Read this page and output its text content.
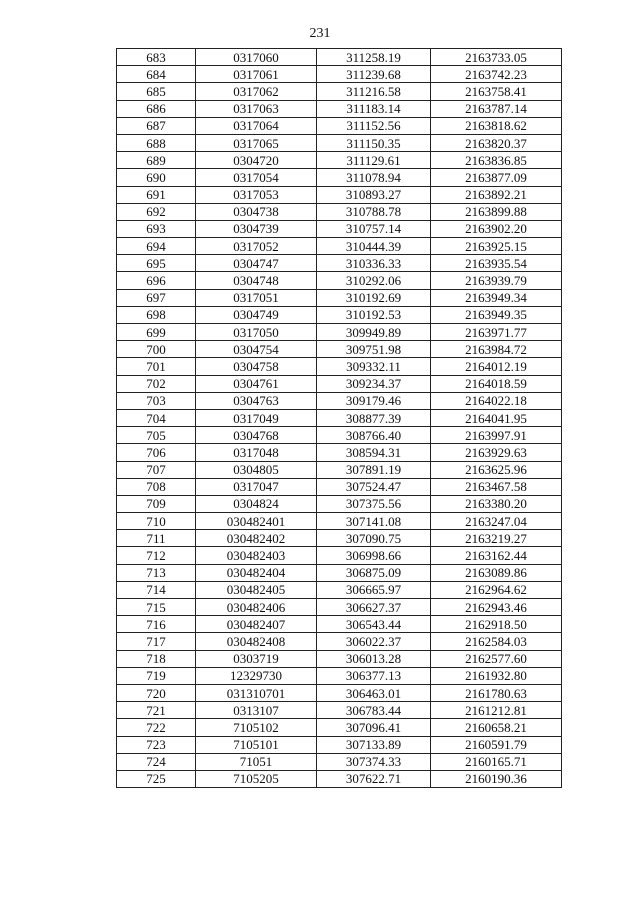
231
683	0317060	311258.19	2163733.05
684	0317061	311239.68	2163742.23
685	0317062	311216.58	2163758.41
686	0317063	311183.14	2163787.14
687	0317064	311152.56	2163818.62
688	0317065	311150.35	2163820.37
689	0304720	311129.61	2163836.85
690	0317054	311078.94	2163877.09
691	0317053	310893.27	2163892.21
692	0304738	310788.78	2163899.88
693	0304739	310757.14	2163902.20
694	0317052	310444.39	2163925.15
695	0304747	310336.33	2163935.54
696	0304748	310292.06	2163939.79
697	0317051	310192.69	2163949.34
698	0304749	310192.53	2163949.35
699	0317050	309949.89	2163971.77
700	0304754	309751.98	2163984.72
701	0304758	309332.11	2164012.19
702	0304761	309234.37	2164018.59
703	0304763	309179.46	2164022.18
704	0317049	308877.39	2164041.95
705	0304768	308766.40	2163997.91
706	0317048	308594.31	2163929.63
707	0304805	307891.19	2163625.96
708	0317047	307524.47	2163467.58
709	0304824	307375.56	2163380.20
710	030482401	307141.08	2163247.04
711	030482402	307090.75	2163219.27
712	030482403	306998.66	2163162.44
713	030482404	306875.09	2163089.86
714	030482405	306665.97	2162964.62
715	030482406	306627.37	2162943.46
716	030482407	306543.44	2162918.50
717	030482408	306022.37	2162584.03
718	0303719	306013.28	2162577.60
719	12329730	306377.13	2161932.80
720	031310701	306463.01	2161780.63
721	0313107	306783.44	2161212.81
722	7105102	307096.41	2160658.21
723	7105101	307133.89	2160591.79
724	71051	307374.33	2160165.71
725	7105205	307622.71	2160190.36
